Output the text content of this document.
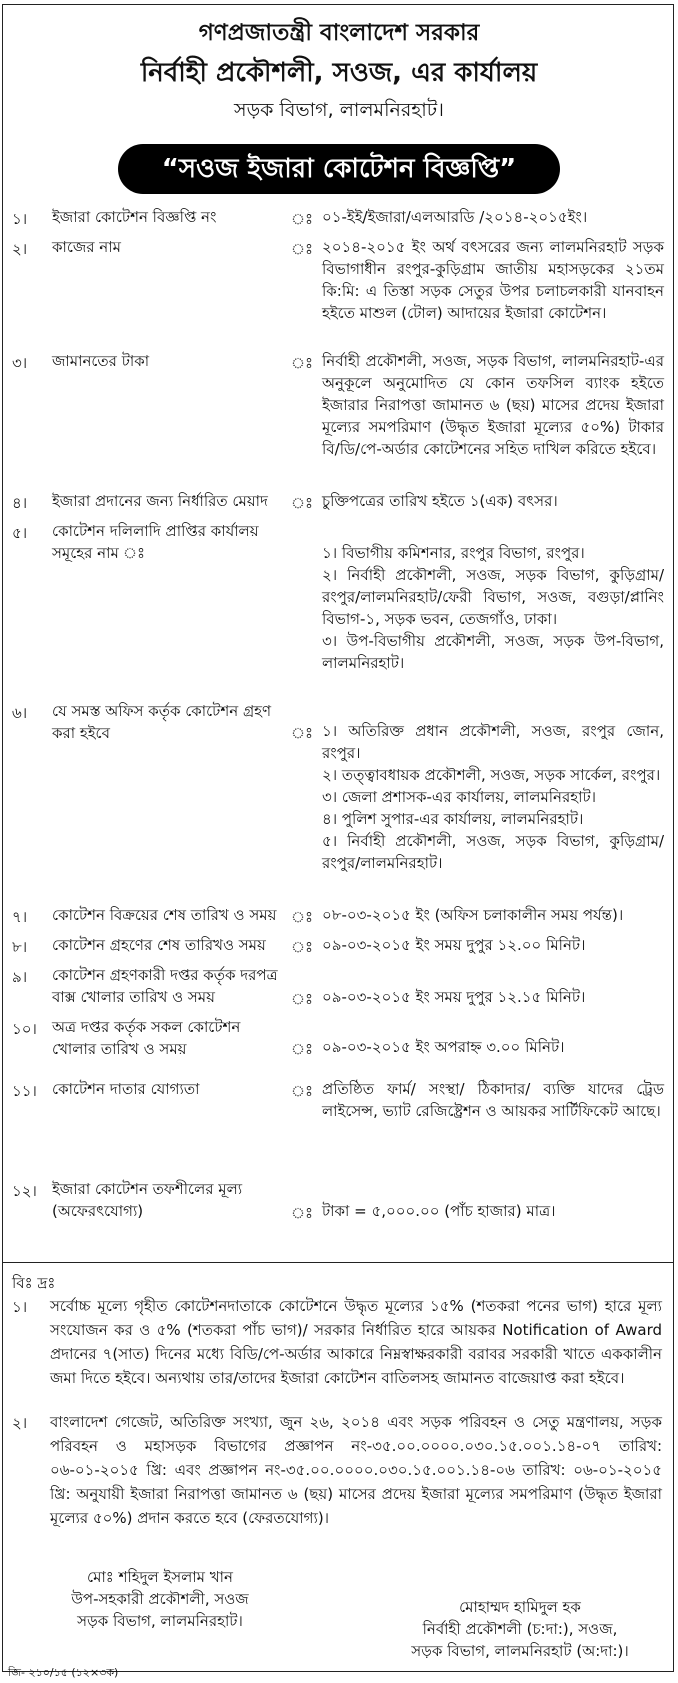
গণপ্রজাতন্ত্রী বাংলাদেশ সরকার
নির্বাহী প্রকৌশলী, সওজ, এর কার্যালয়
সড়ক বিভাগ, লালমনিরহাট।
“সওজ ইজারা কোটেশন বিজ্ঞপ্তি”
১। ইজারা কোটেশন বিজ্ঞপ্তি নং	ঃ ০১-ইই/ইজারা/এলআরডি /২০১৪-২০১৫ইং।
২। কাজের নাম	ঃ ২০১৪-২০১৫ ইং অর্থ বৎসরের জন্য লালমনিরহাট সড়ক বিভাগাধীন রংপুর-কুড়িগ্রাম জাতীয় মহাসড়কের ২১তম কি:মি: এ তিস্তা সড়ক সেতুর উপর চলাচলকারী যানবাহন হইতে মাশুল (টোল) আদায়ের ইজারা কোটেশন।
৩। জামানতের টাকা	ঃ নির্বাহী প্রকৌশলী, সওজ, সড়ক বিভাগ, লালমনিরহাট-এর অনুকূলে অনুমোদিত যে কোন তফসিল ব্যাংক হইতে ইজারার নিরাপত্তা জামানত ৬ (ছয়) মাসের প্রদেয় ইজারা মূল্যের সমপরিমাণ (উদ্ধৃত ইজারা মূল্যের ৫০%) টাকার বি/ডি/পে-অর্ডার কোটেশনের সহিত দাখিল করিতে হইবে।
৪। ইজারা প্রদানের জন্য নির্ধারিত মেয়াদ	ঃ চুক্তিপত্রের তারিখ হইতে ১(এক) বৎসর।
৫। কোটেশন দলিলাদি প্রাপ্তির কার্যালয় সমূহের নাম ঃ	১। বিভাগীয় কমিশনার, রংপুর বিভাগ, রংপুর।
২। নির্বাহী প্রকৌশলী, সওজ, সড়ক বিভাগ, কুড়িগ্রাম/ রংপুর/লালমনিরহাট/ফেরী বিভাগ, সওজ, বগুড়া/প্লানিং বিভাগ-১, সড়ক ভবন, তেজগাঁও, ঢাকা।
৩। উপ-বিভাগীয় প্রকৌশলী, সওজ, সড়ক উপ-বিভাগ, লালমনিরহাট।
৬। যে সমস্ত অফিস কর্তৃক কোটেশন গ্রহণ করা হইবে	ঃ ১। অতিরিক্ত প্রধান প্রকৌশলী, সওজ, রংপুর জোন, রংপুর।
২। তত্ত্বাবধায়ক প্রকৌশলী, সওজ, সড়ক সার্কেল, রংপুর।
৩। জেলা প্রশাসক-এর কার্যালয়, লালমনিরহাট।
৪। পুলিশ সুপার-এর কার্যালয়, লালমনিরহাট।
৫। নির্বাহী প্রকৌশলী, সওজ, সড়ক বিভাগ, কুড়িগ্রাম/রংপুর/লালমনিরহাট।
৭। কোটেশন বিক্রয়ের শেষ তারিখ ও সময় ঃ ০৮-০৩-২০১৫ ইং (অফিস চলাকালীন সময় পর্যন্ত)।
৮। কোটেশন গ্রহণের শেষ তারিখও সময়	ঃ ০৯-০৩-২০১৫ ইং সময় দুপুর ১২.০০ মিনিট।
৯। কোটেশন গ্রহণকারী দপ্তর কর্তৃক দরপত্র বাক্স খোলার তারিখ ও সময়	ঃ ০৯-০৩-২০১৫ ইং সময় দুপুর ১২.১৫ মিনিট।
১০। অত্র দপ্তর কর্তৃক সকল কোটেশন খোলার তারিখ ও সময়	ঃ ০৯-০৩-২০১৫ ইং অপরাহ্ন ৩.০০ মিনিট।
১১। কোটেশন দাতার যোগ্যতা	ঃ প্রতিষ্ঠিত ফার্ম/ সংস্থা/ ঠিকাদার/ ব্যক্তি যাদের ট্রেড লাইসেন্স, ভ্যাট রেজিষ্ট্রেশন ও আয়কর সার্টিফিকেট আছে।
১২। ইজারা কোটেশন তফশীলের মূল্য (অফেরৎযোগ্য)	ঃ টাকা = ৫,০০০.০০ (পাঁচ হাজার) মাত্র।
বিঃ দ্রঃ
১। সর্বোচ্চ মূল্যে গৃহীত কোটেশনদাতাকে কোটেশনে উদ্ধৃত মূল্যের ১৫% (শতকরা পনের ভাগ) হারে মূল্য সংযোজন কর ও ৫% (শতকরা পাঁচ ভাগ)/ সরকার নির্ধারিত হারে আয়কর Notification of Award প্রদানের ৭(সাত) দিনের মধ্যে বিডি/পে-অর্ডার আকারে নিম্নস্বাক্ষরকারী বরাবর সরকারী খাতে এককালীন জমা দিতে হইবে। অন্যথায় তার/তাদের ইজারা কোটেশন বাতিলসহ জামানত বাজেয়াপ্ত করা হইবে।
২। বাংলাদেশ গেজেট, অতিরিক্ত সংখ্যা, জুন ২৬, ২০১৪ এবং সড়ক পরিবহন ও সেতু মন্ত্রণালয়, সড়ক পরিবহন ও মহাসড়ক বিভাগের প্রজ্ঞাপন নং-৩৫.০০.০০০০.০৩০.১৫.০০১.১৪-০৭ তারিখ: ০৬-০১-২০১৫ খ্রি: এবং প্রজ্ঞাপন নং-৩৫.০০.০০০০.০৩০.১৫.০০১.১৪-০৬ তারিখ: ০৬-০১-২০১৫ খ্রি: অনুযায়ী ইজারা নিরাপত্তা জামানত ৬ (ছয়) মাসের প্রদেয় ইজারা মূল্যের সমপরিমাণ (উদ্ধৃত ইজারা মূল্যের ৫০%) প্রদান করতে হবে (ফেরতযোগ্য)।
মোঃ শহিদুল ইসলাম খান
উপ-সহকারী প্রকৌশলী, সওজ
সড়ক বিভাগ, লালমনিরহাট।
মোহাম্মদ হামিদুল হক
নির্বাহী প্রকৌশলী (চ:দা:), সওজ,
সড়ক বিভাগ, লালমনিরহাট (অ:দা:)।
জি- ২১০/১৫ (১২×৩ক)
